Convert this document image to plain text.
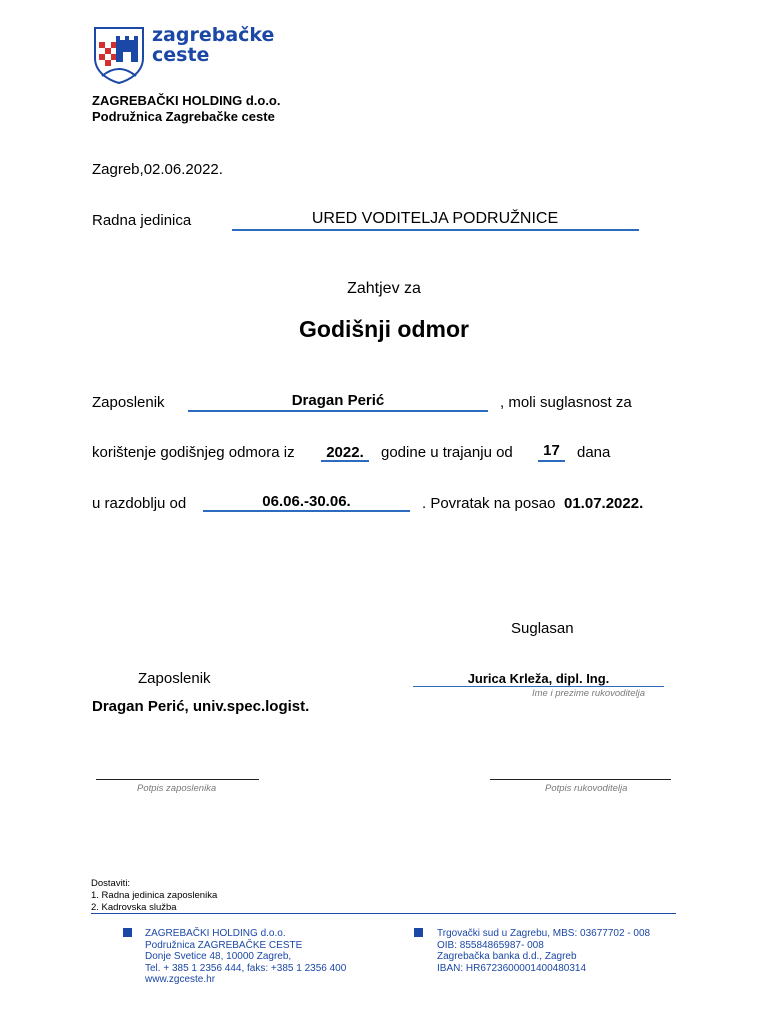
zagrebačke
ceste
ZAGREBAČKI HOLDING d.o.o.
Podružnica Zagrebačke ceste
Zagreb,02.06.2022.
Radna jedinica	URED VODITELJA PODRUŽNICE
Zahtjev za
Godišnji odmor
Zaposlenik	Dragan Perić	, moli suglasnost za
korištenje godišnjeg odmora iz	2022.	godine u trajanju od	17	dana
u razdoblju od	06.06.-30.06.	. Povratak na posao 01.07.2022.
Suglasan
Zaposlenik	Jurica Krleža, dipl. Ing.
Ime i prezime rukovoditelja
Dragan Perić, univ.spec.logist.
Potpis zaposlenika	Potpis rukovoditelja
Dostaviti:
1. Radna jedinica zaposlenika
2. Kadrovska služba
ZAGREBAČKI HOLDING d.o.o.
Podružnica ZAGREBAČKE CESTE
Donje Svetice 48, 10000 Zagreb,
Tel. + 385 1 2356 444, faks: +385 1 2356 400
www.zgceste.hr
Trgovački sud u Zagrebu, MBS: 03677702 - 008
OIB: 85584865987- 008
Zagrebačka banka d.d., Zagreb
IBAN: HR6723600001400480314
